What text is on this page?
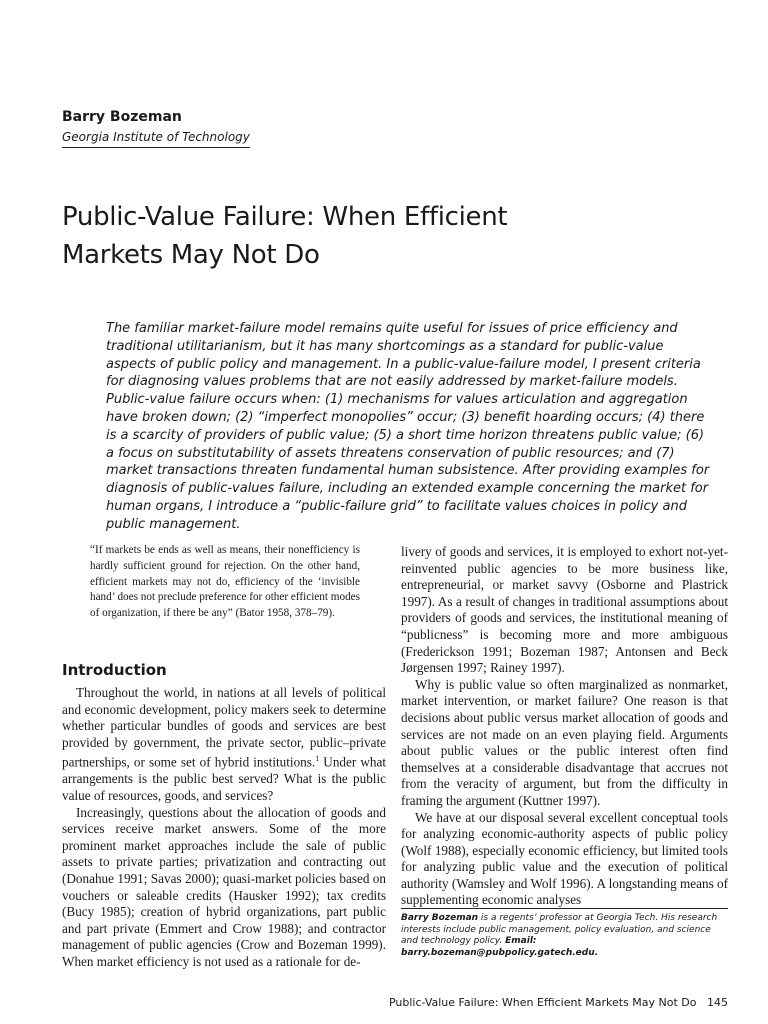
Barry Bozeman
Georgia Institute of Technology
Public-Value Failure: When Efficient
Markets May Not Do

The familiar market-failure model remains quite useful for issues of price efficiency and traditional utilitarianism, but it has many shortcomings as a standard for public-value aspects of public policy and management. In a public-value-failure model, I present criteria for diagnosing values problems that are not easily addressed by market-failure models. Public-value failure occurs when: (1) mechanisms for values articulation and aggregation have broken down; (2) “imperfect monopolies” occur; (3) benefit hoarding occurs; (4) there is a scarcity of providers of public value; (5) a short time horizon threatens public value; (6) a focus on substitutability of assets threatens conservation of public resources; and (7) market transactions threaten fundamental human subsistence. After providing examples for diagnosis of public-values failure, including an extended example concerning the market for human organs, I introduce a “public-failure grid” to facilitate values choices in policy and public management.

“If markets be ends as well as means, their nonefficiency is hardly sufficient ground for rejection. On the other hand, efficient markets may not do, efficiency of the ‘invisible hand’ does not preclude preference for other efficient modes of organization, if there be any” (Bator 1958, 378–79).

Introduction

Throughout the world, in nations at all levels of political and economic development, policy makers seek to determine whether particular bundles of goods and services are best provided by government, the private sector, public–private partnerships, or some set of hybrid institutions.$^1$ Under what arrangements is the public best served? What is the public value of resources, goods, and services?

Increasingly, questions about the allocation of goods and services receive market answers. Some of the more prominent market approaches include the sale of public assets to private parties; privatization and contracting out (Donahue 1991; Savas 2000); quasi-market policies based on vouchers or saleable credits (Hausker 1992); tax credits (Bucy 1985); creation of hybrid organizations, part public and part private (Emmert and Crow 1988); and contractor management of public agencies (Crow and Bozeman 1999). When market efficiency is not used as a rationale for de-

livery of goods and services, it is employed to exhort not-yet-reinvented public agencies to be more business like, entrepreneurial, or market savvy (Osborne and Plastrick 1997). As a result of changes in traditional assumptions about providers of goods and services, the institutional meaning of “publicness” is becoming more and more ambiguous (Frederickson 1991; Bozeman 1987; Antonsen and Beck Jørgensen 1997; Rainey 1997).

Why is public value so often marginalized as nonmarket, market intervention, or market failure? One reason is that decisions about public versus market allocation of goods and services are not made on an even playing field. Arguments about public values or the public interest often find themselves at a considerable disadvantage that accrues not from the veracity of argument, but from the difficulty in framing the argument (Kuttner 1997).

We have at our disposal several excellent conceptual tools for analyzing economic-authority aspects of public policy (Wolf 1988), especially economic efficiency, but limited tools for analyzing public value and the execution of political authority (Wamsley and Wolf 1996). A longstanding means of supplementing economic analyses

Barry Bozeman is a regents’ professor at Georgia Tech. His research interests include public management, policy evaluation, and science and technology policy. Email: barry.bozeman@pubpolicy.gatech.edu.
Public-Value Failure: When Efficient Markets May Not Do 145
